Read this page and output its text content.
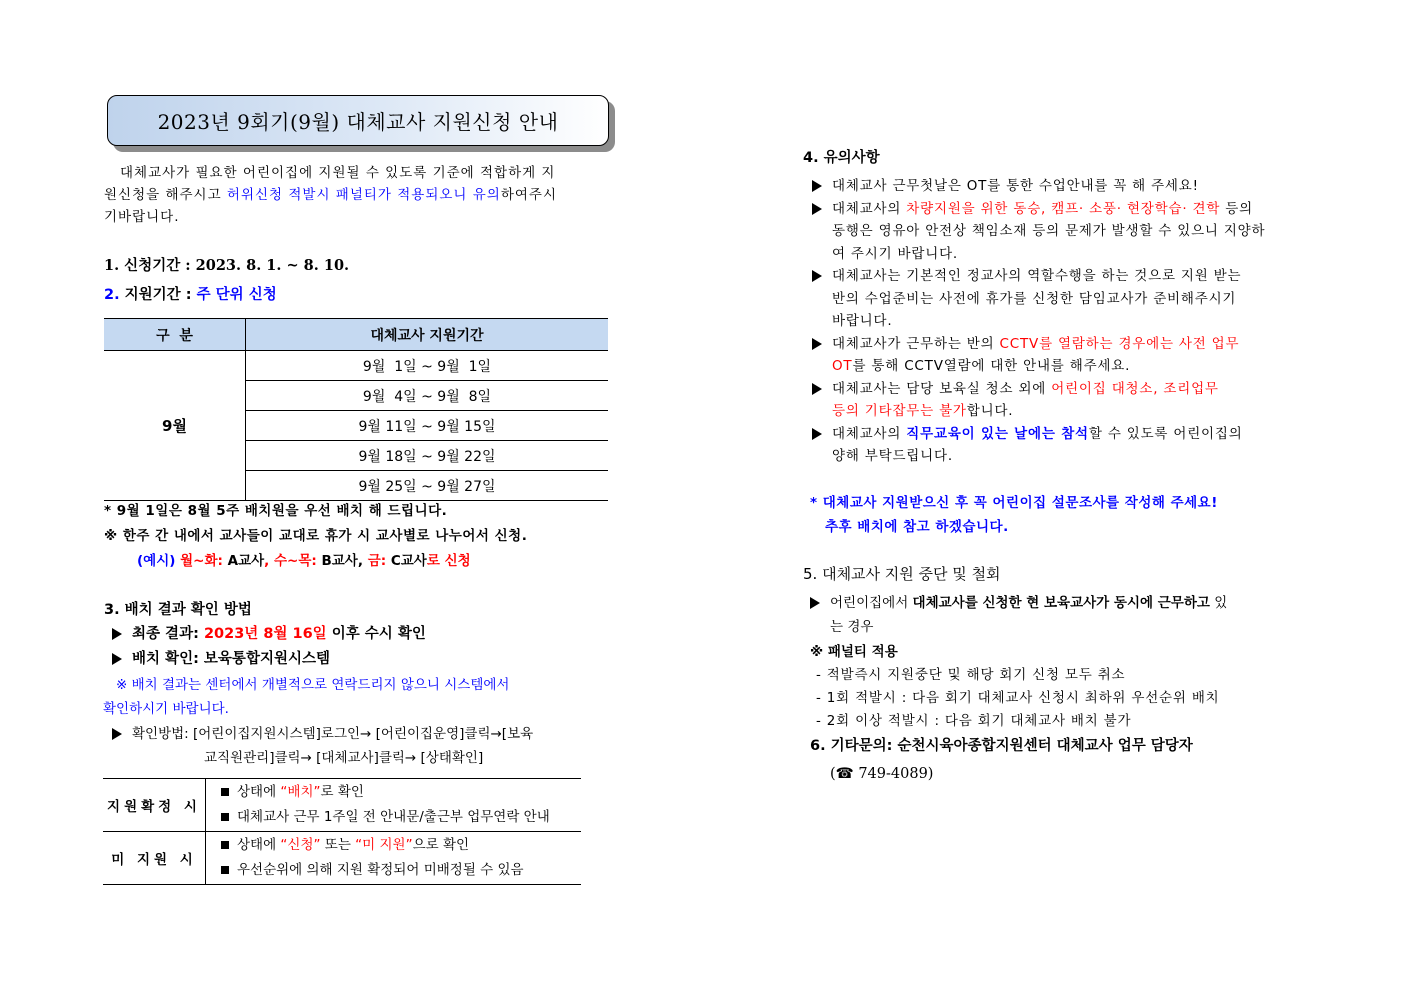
2023년 9회기(9월) 대체교사 지원신청 안내
대체교사가 필요한 어린이집에 지원될 수 있도록 기준에 적합하게 지
원신청을 해주시고 허위신청 적발시 패널티가 적용되오니 유의하여주시
기바랍니다.
1. 신청기간 : 2023. 8. 1. ~ 8. 10.
2. 지원기간 : 주 단위 신청
구  분	대체교사 지원기간
9월	9월  1일 ~ 9월  1일
	9월  4일 ~ 9월  8일
	9월 11일 ~ 9월 15일
	9월 18일 ~ 9월 22일
	9월 25일 ~ 9월 27일
* 9월 1일은 8월 5주 배치원을 우선 배치 해 드립니다.
※ 한주 간 내에서 교사들이 교대로 휴가 시 교사별로 나누어서 신청.
(예시) 월~화: A교사, 수~목: B교사, 금: C교사로 신청
3. 배치 결과 확인 방법
최종 결과: 2023년 8월 16일 이후 수시 확인
배치 확인: 보육통합지원시스템
※ 배치 결과는 센터에서 개별적으로 연락드리지 않으니 시스템에서
확인하시기 바랍니다.
확인방법: [어린이집지원시스템]로그인→ [어린이집운영]클릭→[보육
교직원관리]클릭→ [대체교사]클릭→ [상태확인]
지원확정 시	상태에 “배치”로 확인
대체교사 근무 1주일 전 안내문/출근부 업무연락 안내

미 지원 시	상태에 “신청” 또는 “미 지원”으로 확인
우선순위에 의해 지원 확정되어 미배정될 수 있음
4. 유의사항
대체교사 근무첫날은 OT를 통한 수업안내를 꼭 해 주세요!
대체교사의 차량지원을 위한 동승, 캠프· 소풍· 현장학습· 견학 등의
동행은 영유아 안전상 책임소재 등의 문제가 발생할 수 있으니 지양하
여 주시기 바랍니다.
대체교사는 기본적인 정교사의 역할수행을 하는 것으로 지원 받는
반의 수업준비는 사전에 휴가를 신청한 담임교사가 준비해주시기
바랍니다.
대체교사가 근무하는 반의 CCTV를 열람하는 경우에는 사전 업무
OT를 통해 CCTV열람에 대한 안내를 해주세요.
대체교사는 담당 보육실 청소 외에 어린이집 대청소, 조리업무
등의 기타잡무는 불가합니다.
대체교사의 직무교육이 있는 날에는 참석할 수 있도록 어린이집의
양해 부탁드립니다.
* 대체교사 지원받으신 후 꼭 어린이집 설문조사를 작성해 주세요!
추후 배치에 참고 하겠습니다.
5. 대체교사 지원 중단 및 철회
어린이집에서 대체교사를 신청한 현 보육교사가 동시에 근무하고 있
는 경우
※ 패널티 적용
- 적발즉시 지원중단 및 해당 회기 신청 모두 취소
- 1회 적발시 : 다음 회기 대체교사 신청시 최하위 우선순위 배치
- 2회 이상 적발시 : 다음 회기 대체교사 배치 불가
6. 기타문의: 순천시육아종합지원센터 대체교사 업무 담당자
(☎ 749-4089)
